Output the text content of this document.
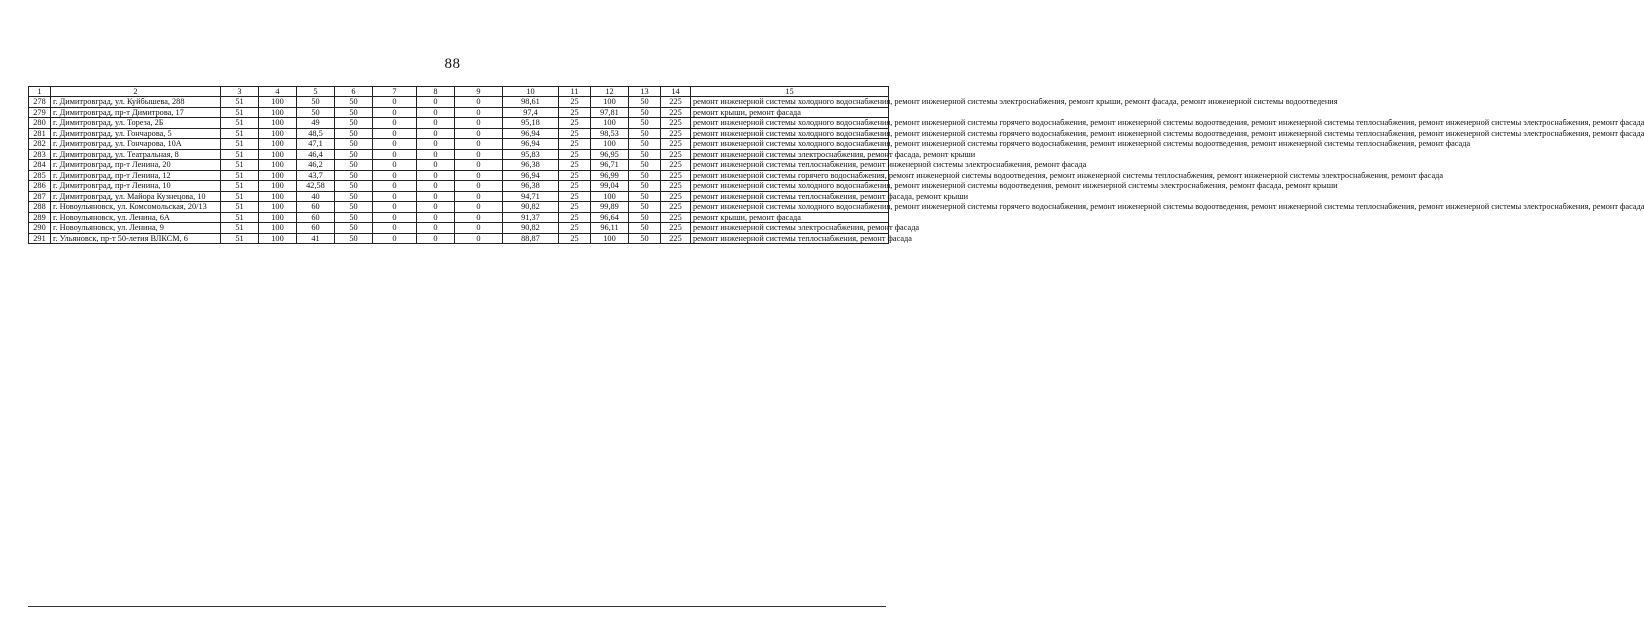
88
1	2	3	4	5	6	7	8	9	10	11	12	13	14	15
278	г. Димитровград, ул. Куйбышева, 288	51	100	50	50	0	0	0	98,61	25	100	50	225	ремонт инженерной системы холодного водоснабжения, ремонт инженерной системы электроснабжения, ремонт крыши, ремонт фасада, ремонт инженерной системы водоотведения
279	г. Димитровград, пр-т Димитрова, 17	51	100	50	50	0	0	0	97,4	25	97,81	50	225	ремонт крыши, ремонт фасада
280	г. Димитровград, ул. Тореза, 2Б	51	100	49	50	0	0	0	95,18	25	100	50	225	ремонт инженерной системы холодного водоснабжения, ремонт инженерной системы горячего водоснабжения, ремонт инженерной системы водоотведения, ремонт инженерной системы теплоснабжения, ремонт инженерной системы электроснабжения, ремонт фасада
281	г. Димитровград, ул. Гончарова, 5	51	100	48,5	50	0	0	0	96,94	25	98,53	50	225	ремонт инженерной системы холодного водоснабжения, ремонт инженерной системы горячего водоснабжения, ремонт инженерной системы водоотведения, ремонт инженерной системы теплоснабжения, ремонт инженерной системы электроснабжения, ремонт фасада
282	г. Димитровград, ул. Гончарова, 10А	51	100	47,1	50	0	0	0	96,94	25	100	50	225	ремонт инженерной системы холодного водоснабжения, ремонт инженерной системы горячего водоснабжения, ремонт инженерной системы водоотведения, ремонт инженерной системы теплоснабжения, ремонт фасада
283	г. Димитровград, ул. Театральная, 8	51	100	46,4	50	0	0	0	95,83	25	96,95	50	225	ремонт инженерной системы электроснабжения, ремонт фасада, ремонт крыши
284	г. Димитровград, пр-т Ленина, 20	51	100	46,2	50	0	0	0	96,38	25	96,71	50	225	ремонт инженерной системы теплоснабжения, ремонт инженерной системы электроснабжения, ремонт фасада
285	г. Димитровград, пр-т Ленина, 12	51	100	43,7	50	0	0	0	96,94	25	96,99	50	225	ремонт инженерной системы горячего водоснабжения, ремонт инженерной системы водоотведения, ремонт инженерной системы теплоснабжения, ремонт инженерной системы электроснабжения, ремонт фасада
286	г. Димитровград, пр-т Ленина, 10	51	100	42,58	50	0	0	0	96,38	25	99,04	50	225	ремонт инженерной системы холодного водоснабжения, ремонт инженерной системы водоотведения, ремонт инженерной системы электроснабжения, ремонт фасада, ремонт крыши
287	г. Димитровград, ул. Майора Кузнецова, 10	51	100	40	50	0	0	0	94,71	25	100	50	225	ремонт инженерной системы теплоснабжения, ремонт фасада, ремонт крыши
288	г. Новоульяновск, ул. Комсомольская, 20/13	51	100	60	50	0	0	0	90,82	25	99,89	50	225	ремонт инженерной системы холодного водоснабжения, ремонт инженерной системы горячего водоснабжения, ремонт инженерной системы водоотведения, ремонт инженерной системы теплоснабжения, ремонт инженерной системы электроснабжения, ремонт фасада
289	г. Новоульяновск, ул. Ленина, 6А	51	100	60	50	0	0	0	91,37	25	96,64	50	225	ремонт крыши, ремонт фасада
290	г. Новоульяновск, ул. Ленина, 9	51	100	60	50	0	0	0	90,82	25	96,11	50	225	ремонт инженерной системы электроснабжения, ремонт фасада
291	г. Ульяновск, пр-т 50-летия ВЛКСМ, 6	51	100	41	50	0	0	0	88,87	25	100	50	225	ремонт инженерной системы теплоснабжения, ремонт фасада
